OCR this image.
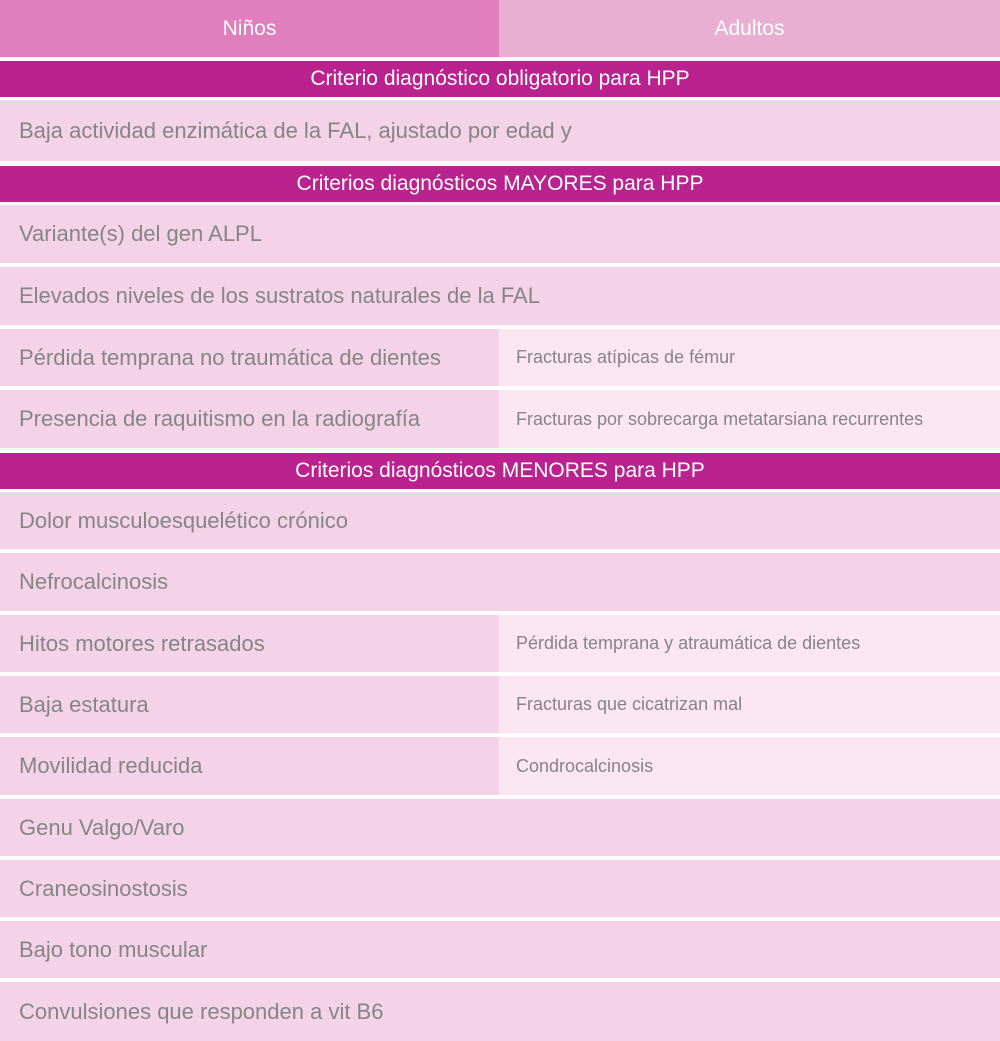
Niños	Adultos
Criterio diagnóstico obligatorio para HPP
Baja actividad enzimática de la FAL, ajustado por edad y
Criterios diagnósticos MAYORES para HPP
Variante(s) del gen ALPL
Elevados niveles de los sustratos naturales de la FAL
Pérdida temprana no traumática de dientes	Fracturas atípicas de fémur
Presencia de raquitismo en la radiografía	Fracturas por sobrecarga metatarsiana recurrentes
Criterios diagnósticos MENORES para HPP
Dolor musculoesquelético crónico
Nefrocalcinosis
Hitos motores retrasados	Pérdida temprana y atraumática de dientes
Baja estatura	Fracturas que cicatrizan mal
Movilidad reducida	Condrocalcinosis
Genu Valgo/Varo
Craneosinostosis
Bajo tono muscular
Convulsiones que responden a vit B6
